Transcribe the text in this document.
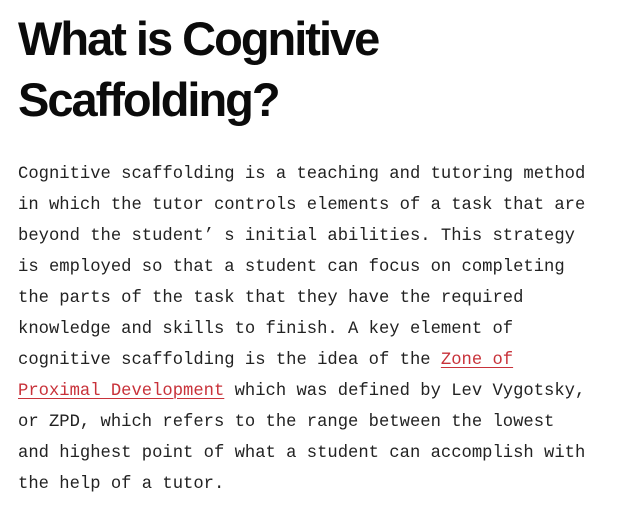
What is Cognitive
Scaffolding?

Cognitive scaffolding is a teaching and tutoring method
in which the tutor controls elements of a task that are
beyond the student’ s initial abilities. This strategy
is employed so that a student can focus on completing
the parts of the task that they have the required
knowledge and skills to finish. A key element of
cognitive scaffolding is the idea of the Zone of
Proximal Development which was defined by Lev Vygotsky,
or ZPD, which refers to the range between the lowest
and highest point of what a student can accomplish with
the help of a tutor.
